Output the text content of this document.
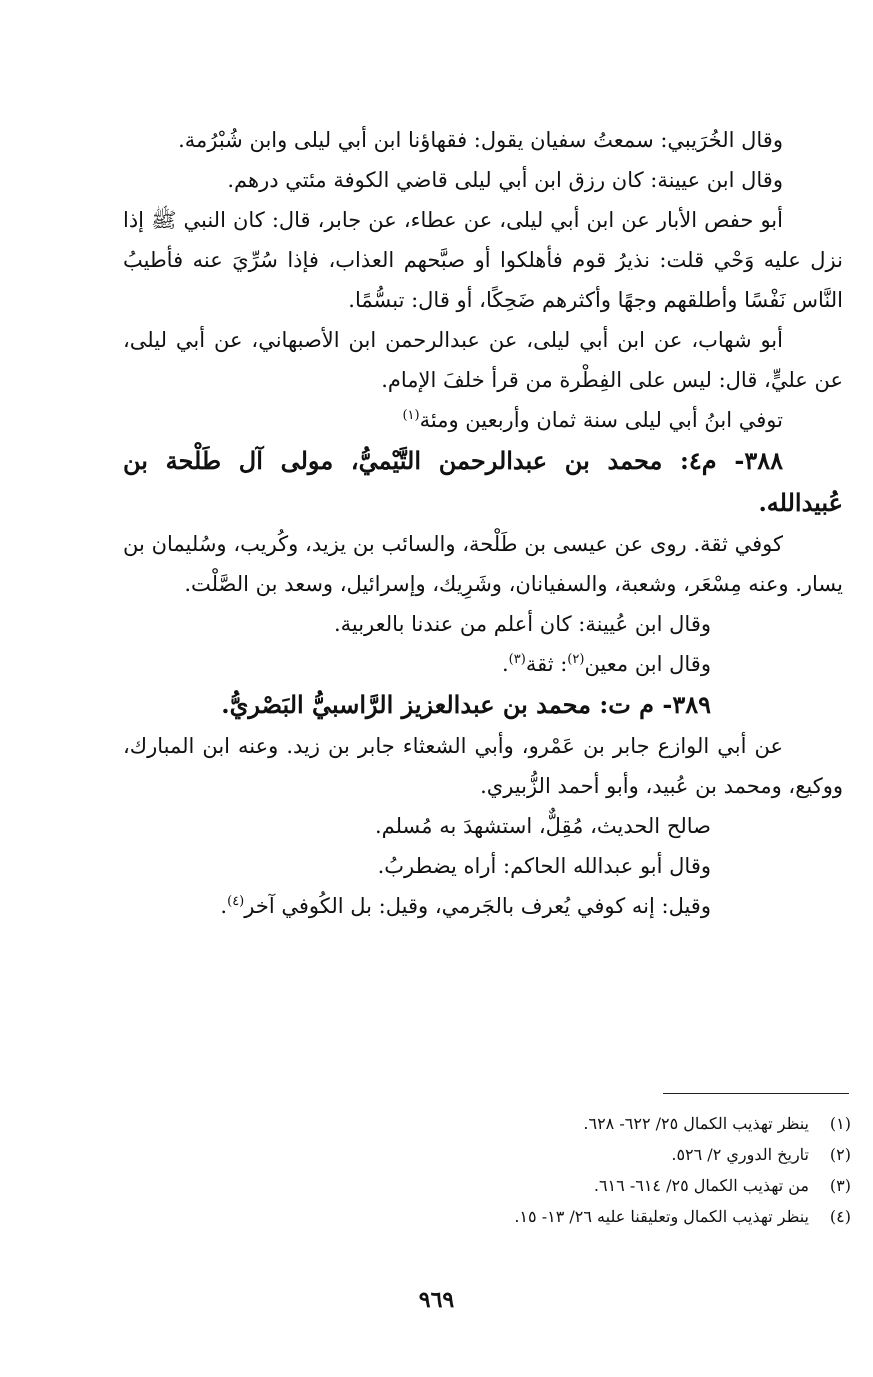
وقال الخُرَيبي: سمعتُ سفيان يقول: فقهاؤنا ابن أبي ليلى وابن شُبْرُمة.

وقال ابن عيينة: كان رزق ابن أبي ليلى قاضي الكوفة مئتي درهم.

أبو حفص الأبار عن ابن أبي ليلى، عن عطاء، عن جابر، قال: كان النبي ﷺ إذا نزل عليه وَحْي قلت: نذيرُ قوم فأهلكوا أو صبَّحهم العذاب، فإذا سُرِّيَ عنه فأطيبُ النَّاس نَفْسًا وأطلقهم وجهًا وأكثرهم ضَحِكًا، أو قال: تبسُّمًا.

أبو شهاب، عن ابن أبي ليلى، عن عبدالرحمن ابن الأصبهاني، عن أبي ليلى، عن عليٍّ، قال: ليس على الفِطْرة من قرأ خلفَ الإمام.

توفي ابنُ أبي ليلى سنة ثمان وأربعين ومئة$^{(١)}$

٣٨٨- م٤: محمد بن عبدالرحمن التَّيْميُّ، مولى آل طَلْحة بن عُبيدالله.

كوفي ثقة. روى عن عيسى بن طَلْحة، والسائب بن يزيد، وكُريب، وسُليمان بن يسار. وعنه مِسْعَر، وشعبة، والسفيانان، وشَرِيك، وإسرائيل، وسعد بن الصَّلْت.

وقال ابن عُيينة: كان أعلم من عندنا بالعربية.

وقال ابن معين$^{(٢)}$: ثقة$^{(٣)}$.

٣٨٩- م ت: محمد بن عبدالعزيز الرَّاسبيُّ البَصْريُّ.

عن أبي الوازع جابر بن عَمْرو، وأبي الشعثاء جابر بن زيد. وعنه ابن المبارك، ووكيع، ومحمد بن عُبيد، وأبو أحمد الزُّبيري.

صالح الحديث، مُقِلٌّ، استشهدَ به مُسلم.

وقال أبو عبدالله الحاكم: أراه يضطربُ.

وقيل: إنه كوفي يُعرف بالجَرمي، وقيل: بل الكُوفي آخر$^{(٤)}$.

(١)
ينظر تهذيب الكمال ٢٥/ ٦٢٢- ٦٢٨.
(٢)
تاريخ الدوري ٢/ ٥٢٦.
(٣)
من تهذيب الكمال ٢٥/ ٦١٤- ٦١٦.
(٤)
ينظر تهذيب الكمال وتعليقنا عليه ٢٦/ ١٣- ١٥.
٩٦٩
